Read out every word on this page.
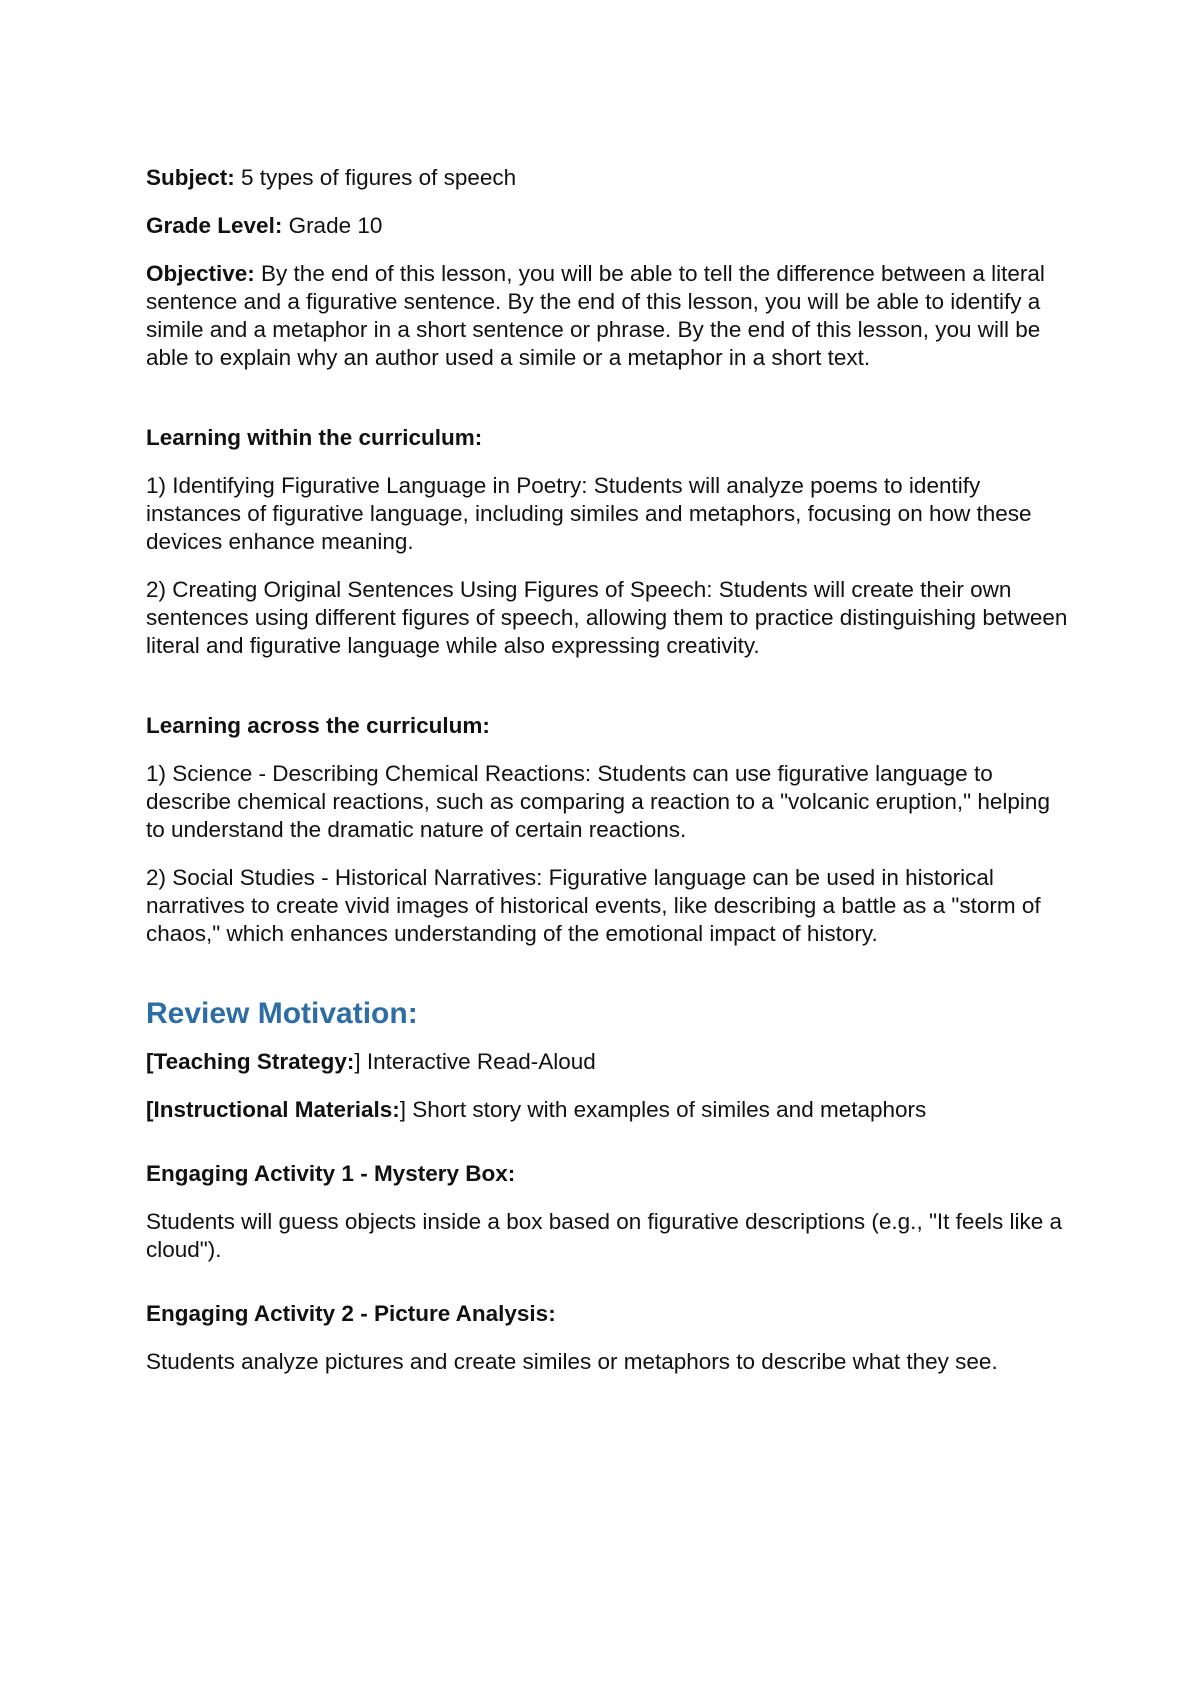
Subject: 5 types of figures of speech

Grade Level: Grade 10

Objective: By the end of this lesson, you will be able to tell the difference between a literal sentence and a figurative sentence. By the end of this lesson, you will be able to identify a simile and a metaphor in a short sentence or phrase. By the end of this lesson, you will be able to explain why an author used a simile or a metaphor in a short text.

Learning within the curriculum:

1) Identifying Figurative Language in Poetry: Students will analyze poems to identify instances of figurative language, including similes and metaphors, focusing on how these devices enhance meaning.

2) Creating Original Sentences Using Figures of Speech: Students will create their own sentences using different figures of speech, allowing them to practice distinguishing between literal and figurative language while also expressing creativity.

Learning across the curriculum:

1) Science - Describing Chemical Reactions: Students can use figurative language to describe chemical reactions, such as comparing a reaction to a "volcanic eruption," helping to understand the dramatic nature of certain reactions.

2) Social Studies - Historical Narratives: Figurative language can be used in historical narratives to create vivid images of historical events, like describing a battle as a "storm of chaos," which enhances understanding of the emotional impact of history.

Review Motivation:

[Teaching Strategy:] Interactive Read-Aloud

[Instructional Materials:] Short story with examples of similes and metaphors

Engaging Activity 1 - Mystery Box:

Students will guess objects inside a box based on figurative descriptions (e.g., "It feels like a cloud").

Engaging Activity 2 - Picture Analysis:

Students analyze pictures and create similes or metaphors to describe what they see.
